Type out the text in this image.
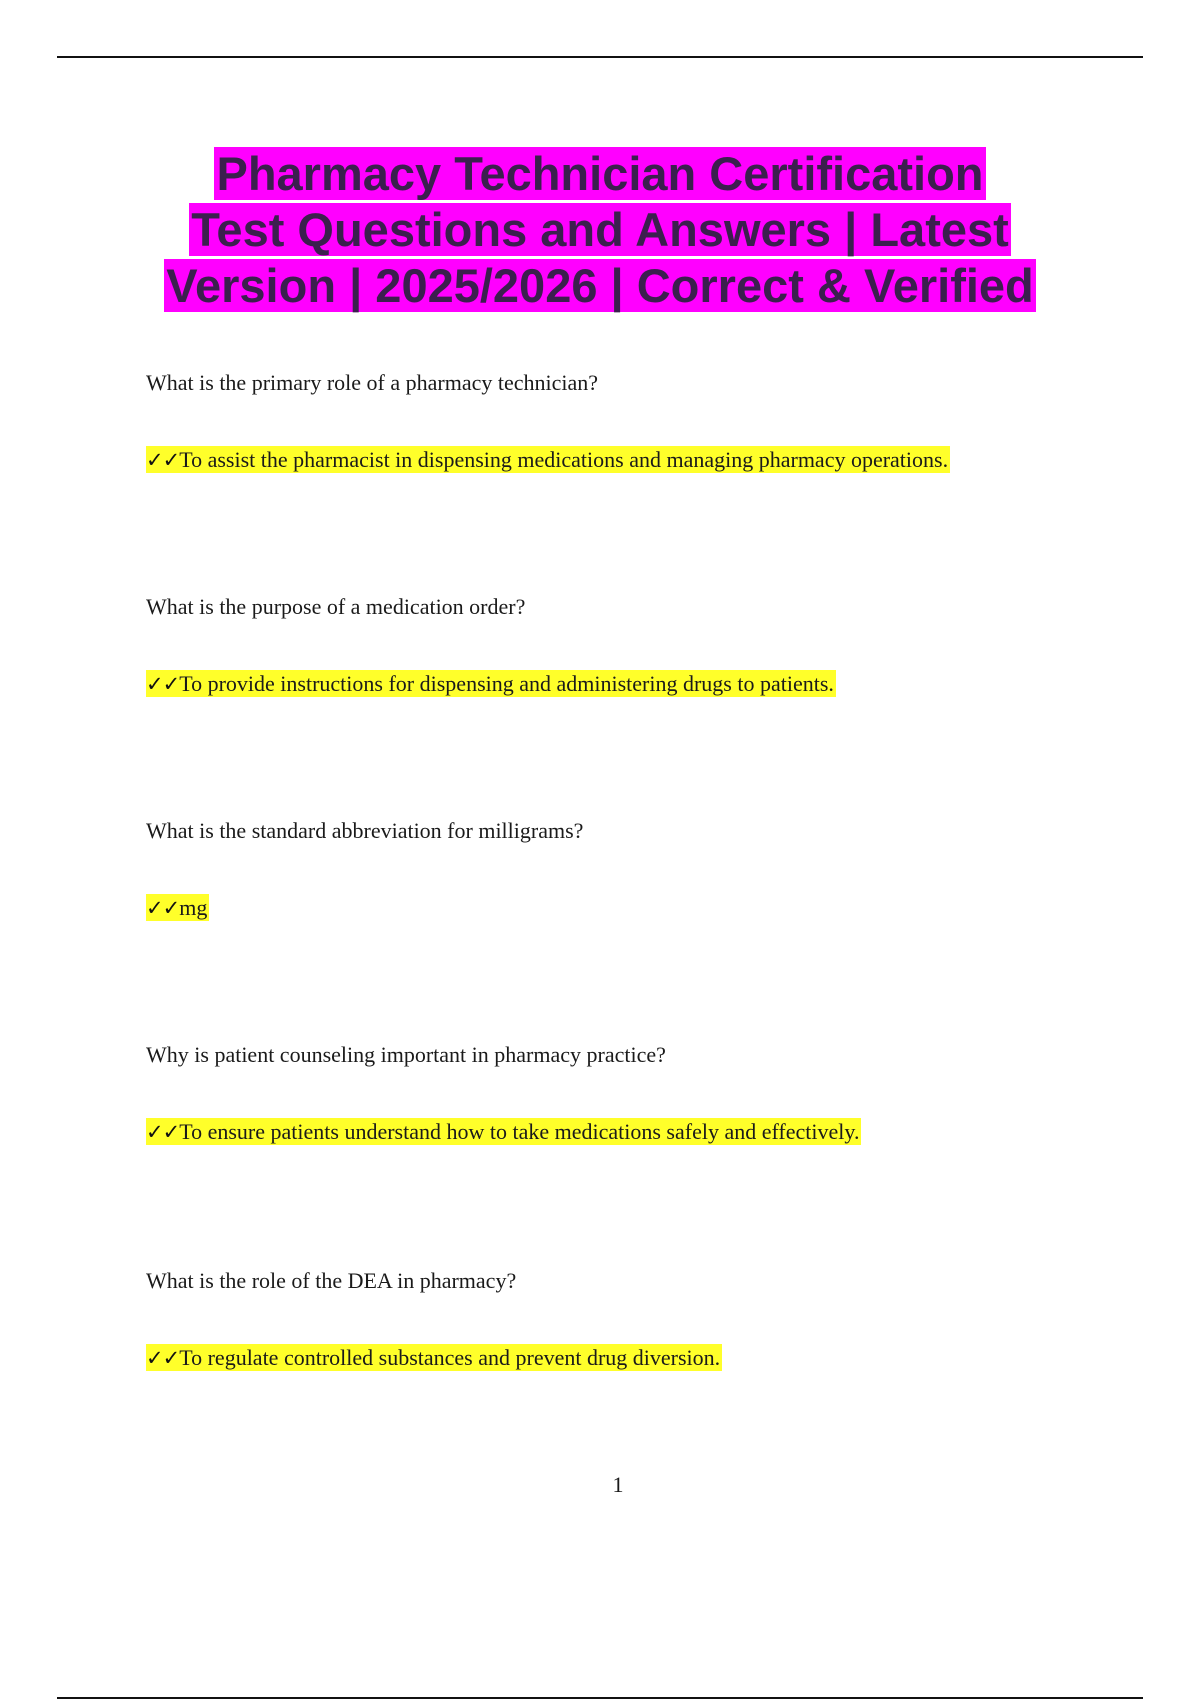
Pharmacy Technician Certification
Test Questions and Answers | Latest
Version | 2025/2026 | Correct & Verified

What is the primary role of a pharmacy technician?

✓✓To assist the pharmacist in dispensing medications and managing pharmacy operations.

What is the purpose of a medication order?

✓✓To provide instructions for dispensing and administering drugs to patients.

What is the standard abbreviation for milligrams?

✓✓mg

Why is patient counseling important in pharmacy practice?

✓✓To ensure patients understand how to take medications safely and effectively.

What is the role of the DEA in pharmacy?

✓✓To regulate controlled substances and prevent drug diversion.

1
